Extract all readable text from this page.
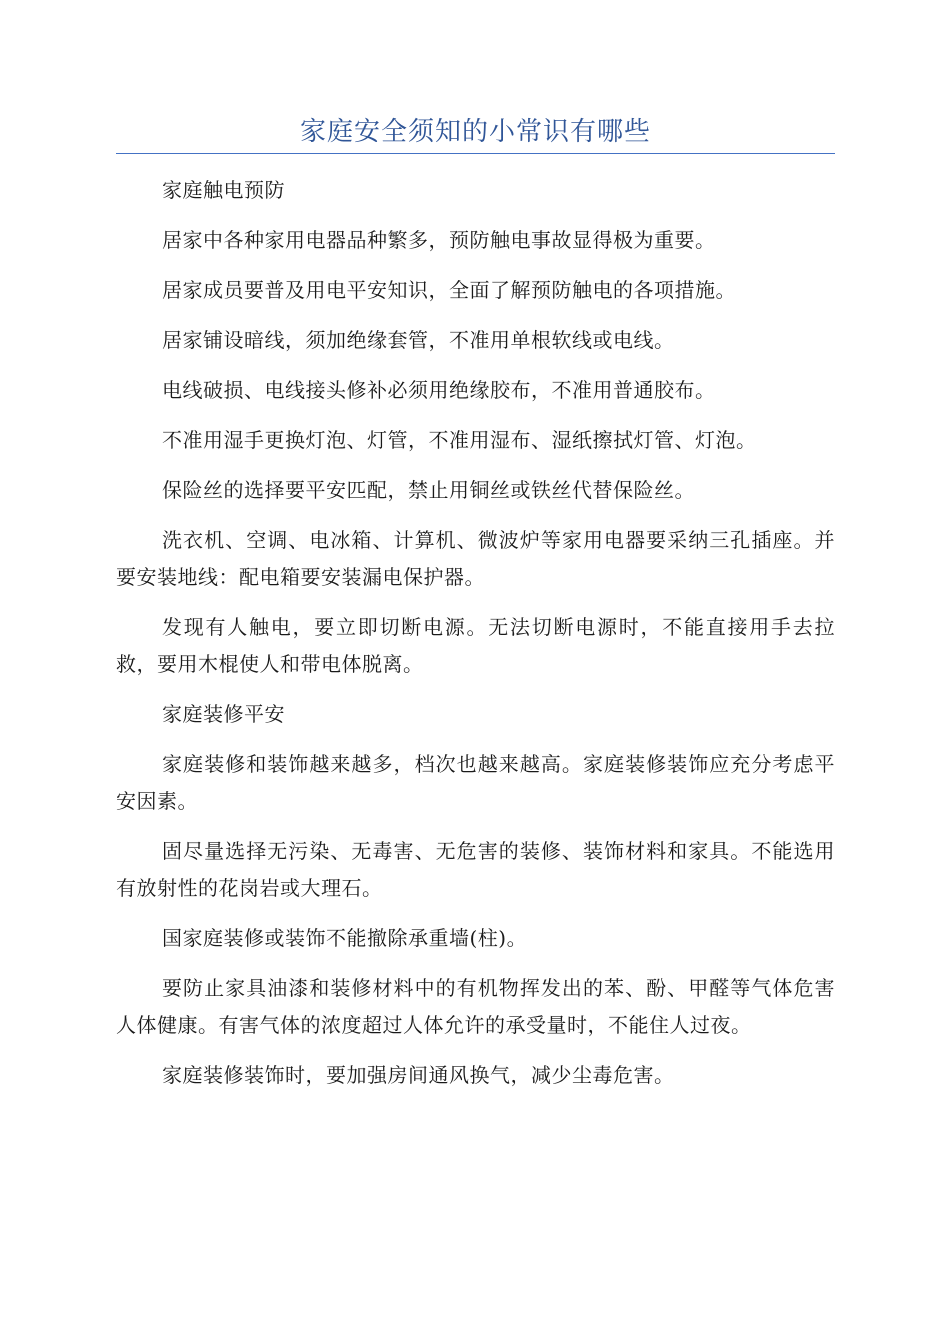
家庭安全须知的小常识有哪些

家庭触电预防

居家中各种家用电器品种繁多，预防触电事故显得极为重要。

居家成员要普及用电平安知识，全面了解预防触电的各项措施。

居家铺设暗线，须加绝缘套管，不准用单根软线或电线。

电线破损、电线接头修补必须用绝缘胶布，不准用普通胶布。

不准用湿手更换灯泡、灯管，不准用湿布、湿纸擦拭灯管、灯泡。

保险丝的选择要平安匹配，禁止用铜丝或铁丝代替保险丝。

洗衣机、空调、电冰箱、计算机、微波炉等家用电器要采纳三孔插座。并要安装地线：配电箱要安装漏电保护器。

发现有人触电，要立即切断电源。无法切断电源时，不能直接用手去拉救，要用木棍使人和带电体脱离。

家庭装修平安

家庭装修和装饰越来越多，档次也越来越高。家庭装修装饰应充分考虑平安因素。

固尽量选择无污染、无毒害、无危害的装修、装饰材料和家具。不能选用有放射性的花岗岩或大理石。

国家庭装修或装饰不能撤除承重墙(柱)。

要防止家具油漆和装修材料中的有机物挥发出的苯、酚、甲醛等气体危害人体健康。有害气体的浓度超过人体允许的承受量时，不能住人过夜。

家庭装修装饰时，要加强房间通风换气，减少尘毒危害。
